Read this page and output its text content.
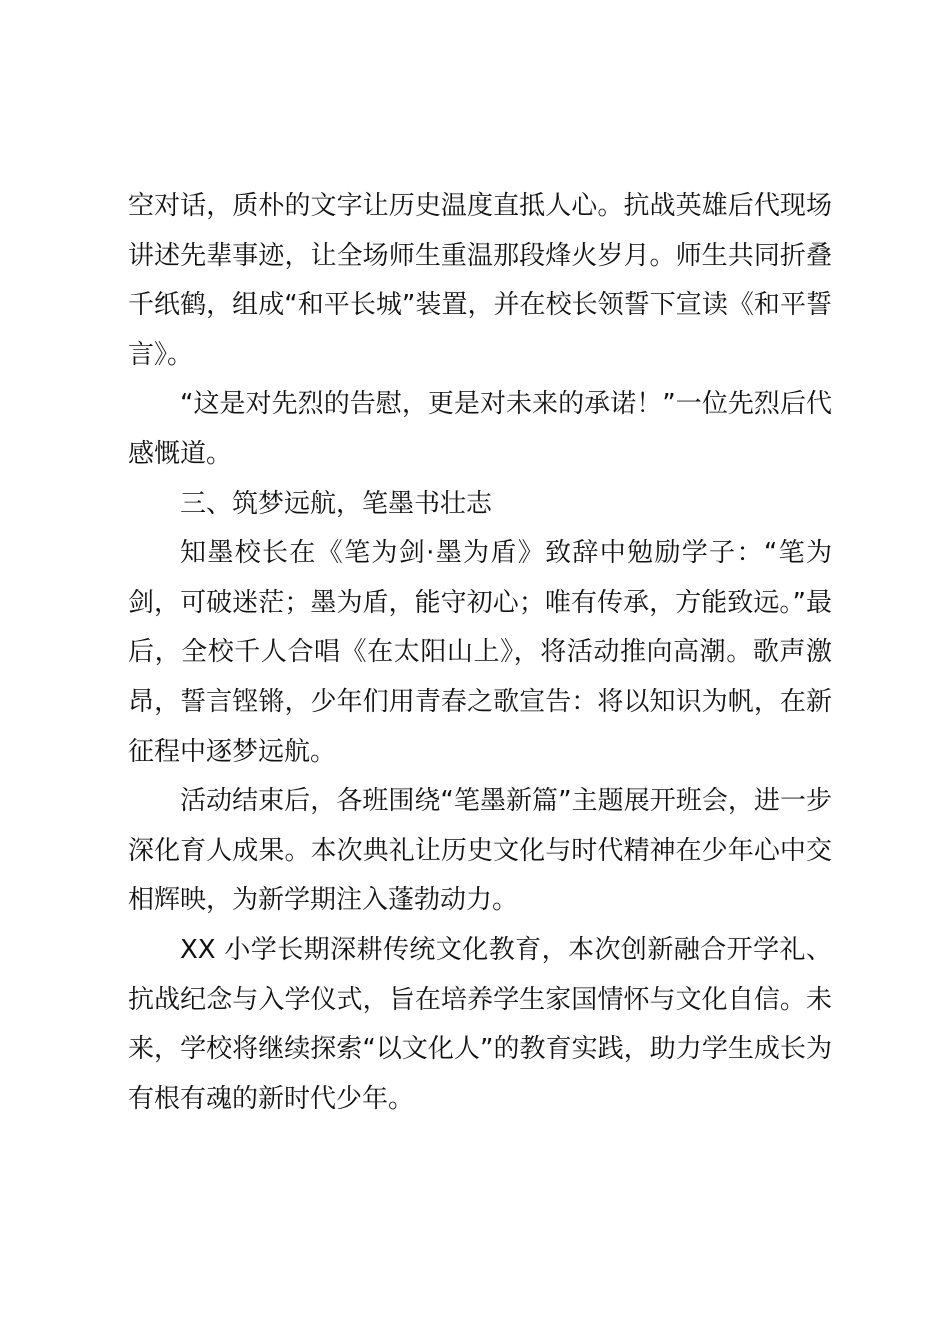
空对话，质朴的文字让历史温度直抵人心。抗战英雄后代现场讲述先辈事迹，让全场师生重温那段烽火岁月。师生共同折叠千纸鹤，组成“和平长城”装置，并在校长领誓下宣读《和平誓言》。

“这是对先烈的告慰，更是对未来的承诺！”一位先烈后代感慨道。

三、筑梦远航，笔墨书壮志

知墨校长在《笔为剑·墨为盾》致辞中勉励学子：“笔为剑，可破迷茫；墨为盾，能守初心；唯有传承，方能致远。”最后，全校千人合唱《在太阳山上》，将活动推向高潮。歌声激昂，誓言铿锵，少年们用青春之歌宣告：将以知识为帆，在新征程中逐梦远航。

活动结束后，各班围绕“笔墨新篇”主题展开班会，进一步深化育人成果。本次典礼让历史文化与时代精神在少年心中交相辉映，为新学期注入蓬勃动力。

XX 小学长期深耕传统文化教育，本次创新融合开学礼、抗战纪念与入学仪式，旨在培养学生家国情怀与文化自信。未来，学校将继续探索“以文化人”的教育实践，助力学生成长为有根有魂的新时代少年。
